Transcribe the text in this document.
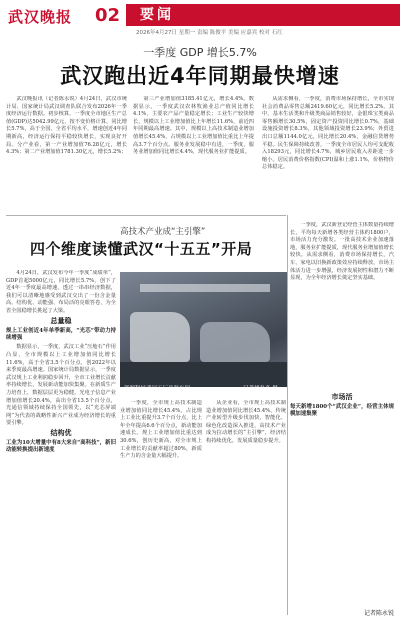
武汉晚报 02 要闻
2026年4月27日 星期一 责编 陈俊平 美编 应嘉宾 校对 石红
一季度 GDP 增长5.7%
武汉跑出近4年同期最快增速

武汉晚报讯（记者陈永锐）4月24日，武汉市统计局、国家统计局武汉调查队联合发布2026年一季度经济运行数据。初步核算，一季度全市地区生产总值(GDP)达5042.99亿元，按不变价格计算，同比增长5.7%，高于全国、全省平均水平，增速创近4年同期新高，经济运行保持平稳较快增长，实现良好开局。分产业看，第一产业增加值76.28亿元，增长4.3%；第二产业增加值1781.30亿元，增长5.2%；

第三产业增加值3185.41亿元，增长4.4%。数据显示，一季度武汉农林牧渔业总产值同比增长4.1%，主要农产品产量稳定增长；工业生产较快增长，规模以上工业增加值比上年增长11.6%，前近四年同期最高增速。其中，规模以上高技术制造业增加值增长45.4%，占规模以上工业增加值比重比上年提高3.7个百分点。服务业发展稳中有进，一季度，服务业增加值同比增长4.4%，现代服务业扩能提质。

从需求侧看，一季度，消费市场保持增长，全市实现社会消费品零售总额2419.60亿元，同比增长5.2%。其中，基本生活类和升级类商品销售较好，金银珠宝类商品零售额增长30.5%，固定资产投资同比增长0.7%，基础设施投资增长8.3%，其他领域投资增长23.9%；外贸进出口总额1144.0亿元，同比增长20.4%，金融信贷增势平稳。民生保障持续改善，一季度全市居民人均可支配收入18293元，同比增长4.7%，城乡居民收入差距进一步缩小。居民消费价格指数(CPI)温和上涨1.1%，价格物价总体稳定。

高技术产业成“主引擎”
四个维度读懂武汉“十五五”开局

4月24日，武汉发布今年一季度“成绩单”，GDP首超5000亿元，同比增长5.7%，创下了近4年一季度最高增速。透过一串串经济数据，我们可以清晰地感受到武汉交出了一份含金量高、结构优、动能强、布局活的亮眼答卷，为全省全国稳增长挑起了大梁。

总量稳

规上工业创近4年单季新高，“光芯”带动力持续增强

数据显示，一季度，武汉工业“压舱石”作用凸显，全市规模以上工业增加值同比增长11.6%，高于全省3.5个百分点，创2022年以来季度最高增速。国家统计局数据显示，一季度武汉规上工业利润稳步回升，全市工业增长贡献率持续增长，发展新动能加快集聚。在新质生产力培育上，数据层层更为稳健。光电子信息产业增加值增长20.4%，高出全省13.5个百分点，光通信领域持续保持全国领先，以“光芯屏端网”为代表的战略性新兴产业成为经济增长的重要引擎。

结构优

工业为10大增量中有8大来自“高科技”，新旧动能转换提出新速度

资源科技武汉工厂总装车间。	记者胡冬冬 摄

一季度，全市规上高技术制造业增加值同比增长45.4%，占比规上工业比重提升3.7个百分点，比上年全年提高6.6个百分点，新动能加速成长。规上工业增加值比重达到30.6%，创历史新高，对全市规上工业增长的贡献率超过80%，新质生产力的含金量大幅提升。

从企业看，全市规上高技术制造业增加值同比增长45.4%，传统产业转型升级步伐加快，智能化、绿色化改造深入推进，高技术产业成为拉动增长的“主引擎”，经济结构持续优化，发展质量稳步提升。

一季度，武汉新登记经营主体数量持续增长，平均每天新增各类经营主体约1800户，市场活力充分激发。一批高技术企业加速落地，服务业扩能提质，现代服务业增加值增长较快。从需求侧看，消费市场保持增长，汽车、家电以旧换新政策效应持续释放，市场主体活力进一步增强，经济发展韧性和潜力不断显现，为全年经济增长奠定坚实基础。

市场活

每天新增1800个“武汉企业”，经营主体规模加速集聚

记者陈永锐
